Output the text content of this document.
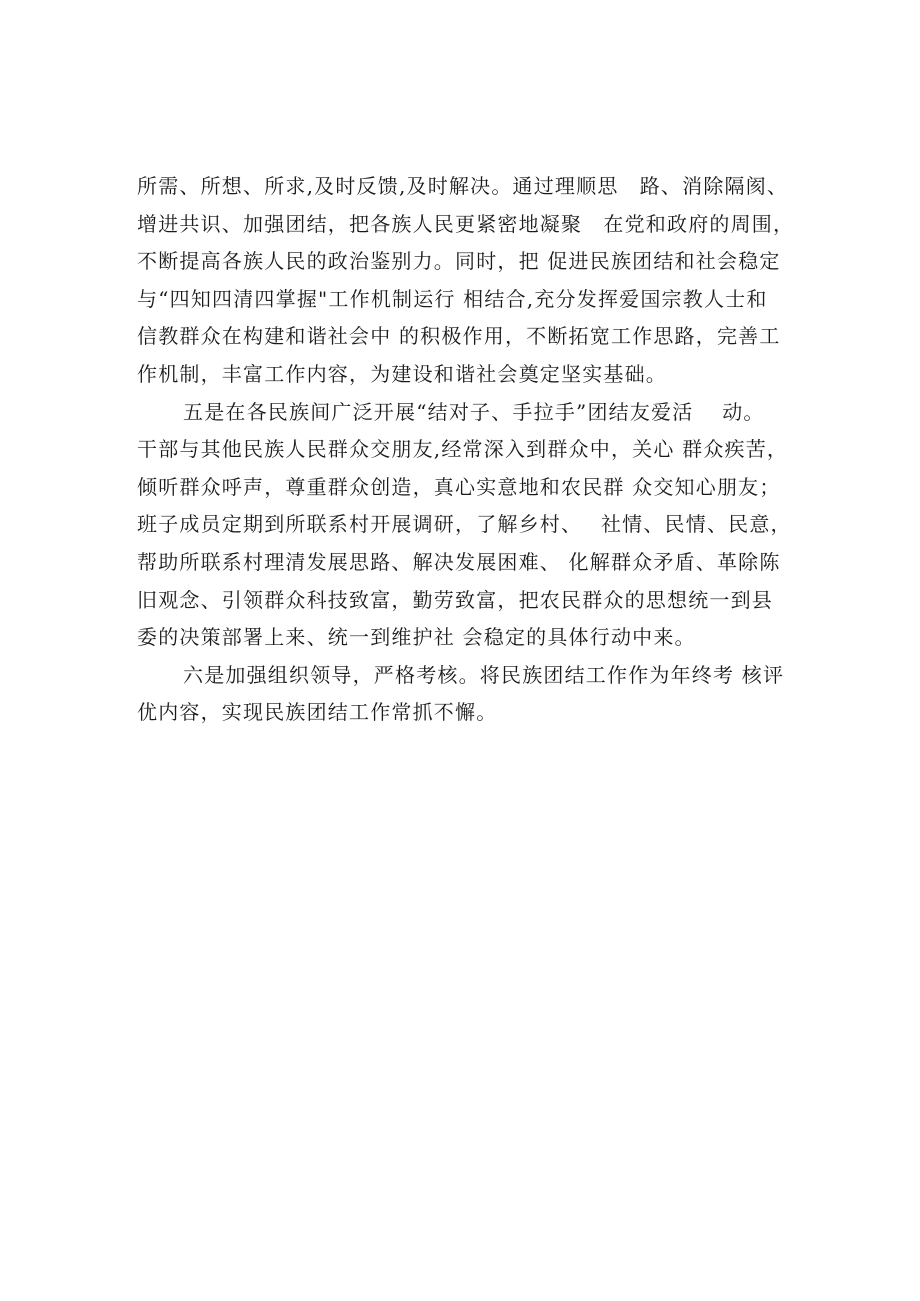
所需、所想、所求,及时反馈,及时解决。通过理顺思　路、消除隔阂、
增进共识、加强团结，把各族人民更紧密地凝聚　在党和政府的周围，
不断提高各族人民的政治鉴别力。同时，把 促进民族团结和社会稳定
与“四知四清四掌握"工作机制运行 相结合,充分发挥爱国宗教人士和
信教群众在构建和谐社会中 的积极作用，不断拓宽工作思路，完善工
作机制，丰富工作内容，为建设和谐社会奠定坚实基础。
五是在各民族间广泛开展“结对子、手拉手”团结友爱活　 动。
干部与其他民族人民群众交朋友,经常深入到群众中，关心 群众疾苦，
倾听群众呼声，尊重群众创造，真心实意地和农民群 众交知心朋友；
班子成员定期到所联系村开展调研，了解乡村、　 社情、民情、民意，
帮助所联系村理清发展思路、解决发展困难、 化解群众矛盾、革除陈
旧观念、引领群众科技致富，勤劳致富，把农民群众的思想统一到县
委的决策部署上来、统一到维护社 会稳定的具体行动中来。
六是加强组织领导，严格考核。将民族团结工作作为年终考 核评
优内容，实现民族团结工作常抓不懈。
